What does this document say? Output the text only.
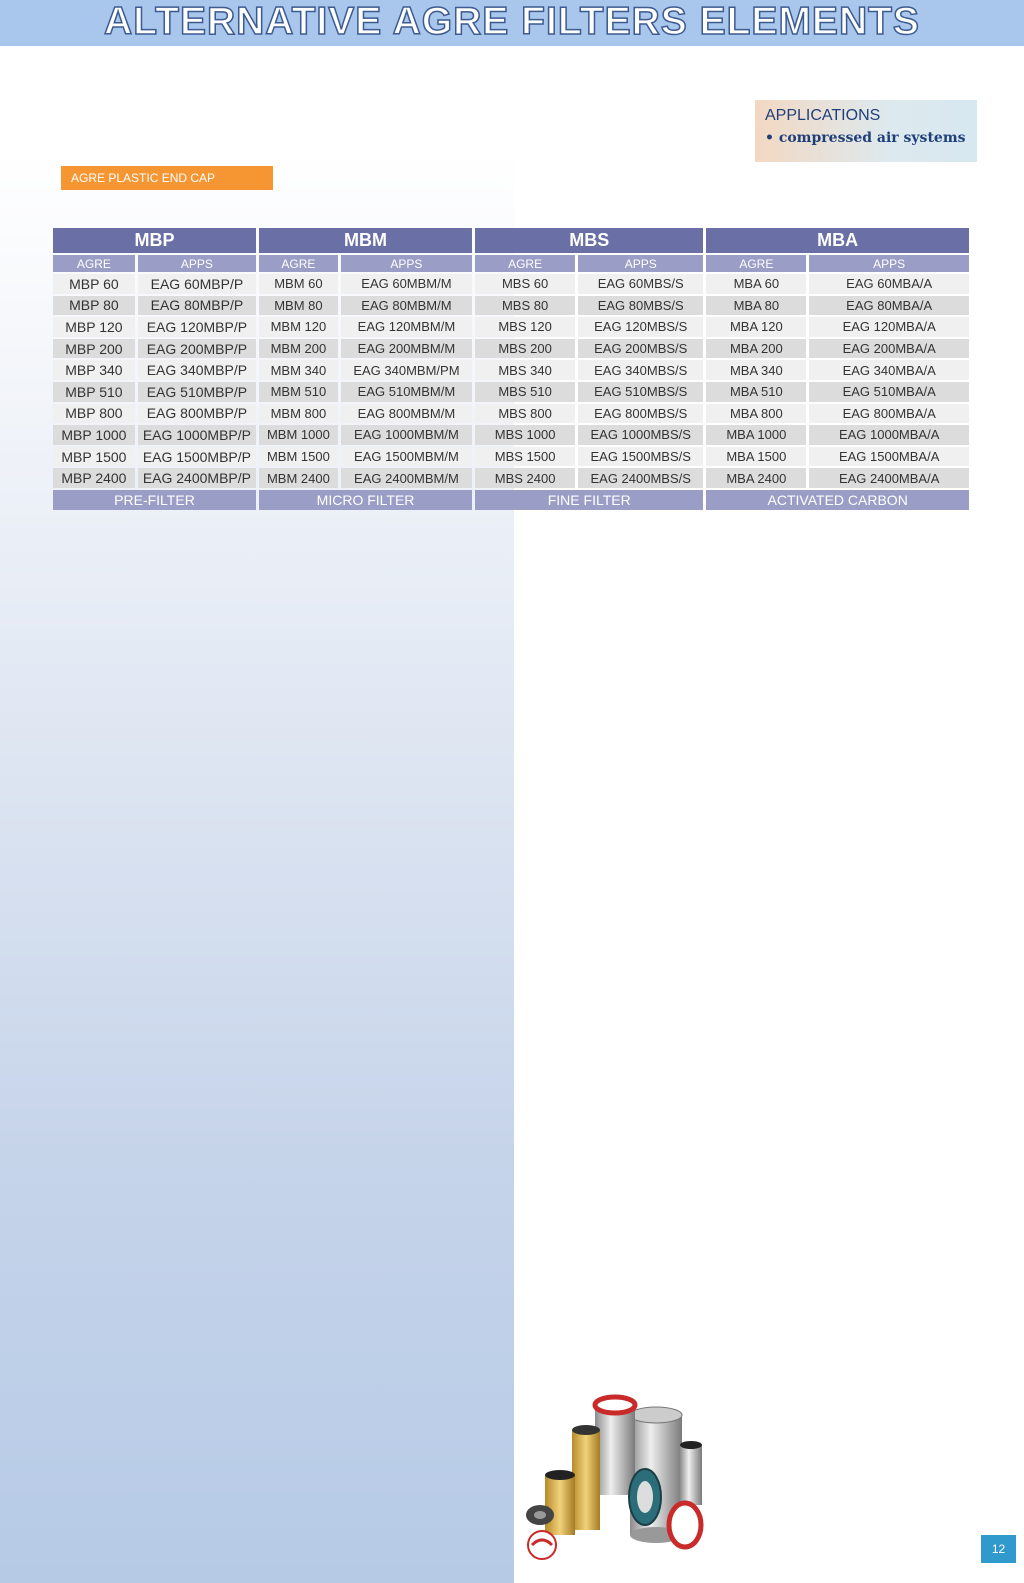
ALTERNATIVE AGRE FILTERS ELEMENTS
APPLICATIONS
• compressed air systems
AGRE PLASTIC END CAP
MBP		MBM		MBS		MBA	
AGRE	APPS	AGRE	APPS	AGRE	APPS	AGRE	APPS
MBP 60	EAG 60MBP/P	MBM 60	EAG 60MBM/M	MBS 60	EAG 60MBS/S	MBA 60	EAG 60MBA/A
MBP 80	EAG 80MBP/P	MBM 80	EAG 80MBM/M	MBS 80	EAG 80MBS/S	MBA 80	EAG 80MBA/A
MBP 120	EAG 120MBP/P	MBM 120	EAG 120MBM/M	MBS 120	EAG 120MBS/S	MBA 120	EAG 120MBA/A
MBP 200	EAG 200MBP/P	MBM 200	EAG 200MBM/M	MBS 200	EAG 200MBS/S	MBA 200	EAG 200MBA/A
MBP 340	EAG 340MBP/P	MBM 340	EAG 340MBM/PM	MBS 340	EAG 340MBS/S	MBA 340	EAG 340MBA/A
MBP 510	EAG 510MBP/P	MBM 510	EAG 510MBM/M	MBS 510	EAG 510MBS/S	MBA 510	EAG 510MBA/A
MBP 800	EAG 800MBP/P	MBM 800	EAG 800MBM/M	MBS 800	EAG 800MBS/S	MBA 800	EAG 800MBA/A
MBP 1000	EAG 1000MBP/P	MBM 1000	EAG 1000MBM/M	MBS 1000	EAG 1000MBS/S	MBA 1000	EAG 1000MBA/A
MBP 1500	EAG 1500MBP/P	MBM 1500	EAG 1500MBM/M	MBS 1500	EAG 1500MBS/S	MBA 1500	EAG 1500MBA/A
MBP 2400	EAG 2400MBP/P	MBM 2400	EAG 2400MBM/M	MBS 2400	EAG 2400MBS/S	MBA 2400	EAG 2400MBA/A
PRE-FILTER		MICRO FILTER		FINE FILTER		ACTIVATED CARBON	
12
